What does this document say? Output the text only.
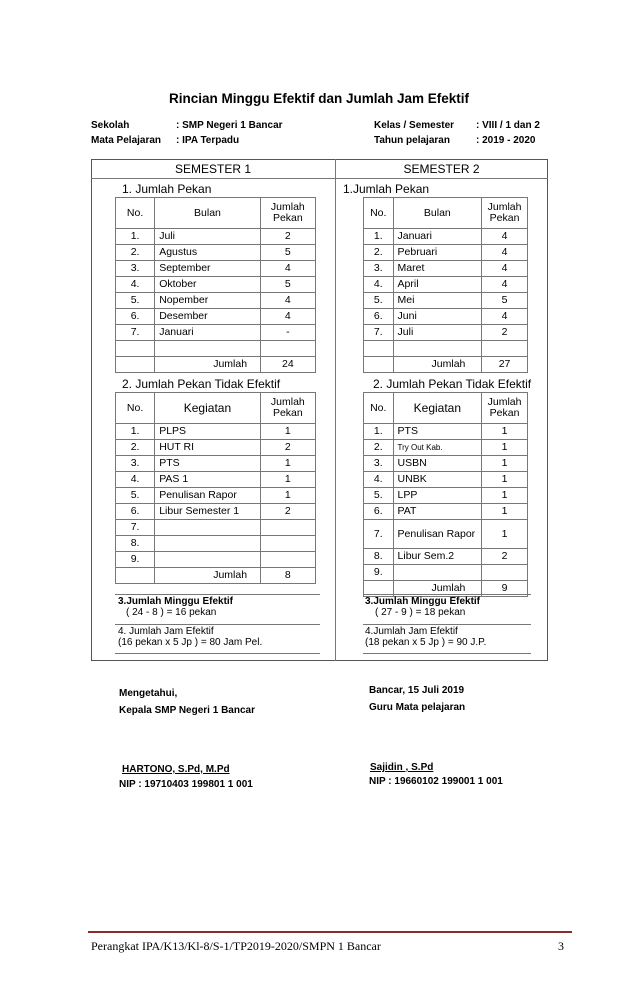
Rincian Minggu Efektif dan Jumlah Jam Efektif
Sekolah	: SMP Negeri 1 Bancar
Mata Pelajaran : IPA Terpadu
Kelas / Semester : VIII / 1 dan 2
Tahun pelajaran	: 2019 - 2020
SEMESTER 1	SEMESTER 2
1. Jumlah Pekan
No.	Bulan	Jumlah Pekan
1.	Juli	2
2.	Agustus	5
3.	September	4
4.	Oktober	5
5.	Nopember	4
6.	Desember	4
7.	Januari	-

	Jumlah	24
1.Jumlah Pekan
No.	Bulan	Jumlah Pekan
1.	Januari	4
2.	Pebruari	4
3.	Maret	4
4.	April	4
5.	Mei	5
6.	Juni	4
7.	Juli	2

	Jumlah	27
2. Jumlah Pekan Tidak Efektif
No.	Kegiatan	Jumlah Pekan
1.	PLPS	1
2.	HUT RI	2
3.	PTS	1
4.	PAS 1	1
5.	Penulisan Rapor	1
6.	Libur Semester 1	2
7.		
8.		
9.		
	Jumlah	8
2. Jumlah Pekan Tidak Efektif
No.	Kegiatan	Jumlah Pekan
1.	PTS	1
2.	Try Out Kab.	1
3.	USBN	1
4.	UNBK	1
5.	LPP	1
6.	PAT	1
7.	Penulisan Rapor	1
8.	Libur Sem.2	2
9.		
	Jumlah	9
3.Jumlah Minggu Efektif
( 24 - 8 ) = 16 pekan
4. Jumlah Jam Efektif
(16 pekan x 5 Jp ) = 80 Jam Pel.
3.Jumlah Minggu Efektif
( 27 - 9 ) = 18 pekan
4.Jumlah Jam Efektif
(18 pekan x 5 Jp ) = 90 J.P.
Mengetahui,
Kepala SMP Negeri 1 Bancar
HARTONO, S.Pd, M.Pd
NIP : 19710403 199801 1 001
Bancar, 15 Juli 2019
Guru Mata pelajaran
Sajidin , S.Pd
NIP : 19660102 199001 1 001
Perangkat IPA/K13/Kl-8/S-1/TP2019-2020/SMPN 1 Bancar	3
